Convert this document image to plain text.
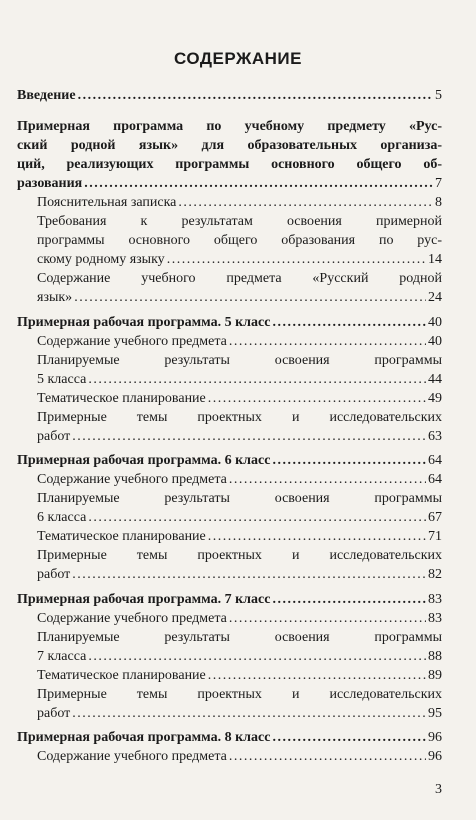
СОДЕРЖАНИЕ
Введение . . .	5
Примерная программа по учебному предмету «Рус-
ский родной язык» для образовательных организа-
ций, реализующих программы основного общего об-
разования . . .	7
Пояснительная записка . . .	8
Требования к результатам освоения примерной
программы основного общего образования по рус-
скому родному языку . . .	14
Содержание учебного предмета «Русский родной
язык» . . .	24
Примерная рабочая программа. 5 класс . . .	40
Содержание учебного предмета . . .	40
Планируемые результаты освоения программы
5 класса . . .	44
Тематическое планирование . . .	49
Примерные темы проектных и исследовательских
работ . . .	63
Примерная рабочая программа. 6 класс . . .	64
Содержание учебного предмета . . .	64
Планируемые результаты освоения программы
6 класса . . .	67
Тематическое планирование . . .	71
Примерные темы проектных и исследовательских
работ . . .	82
Примерная рабочая программа. 7 класс . . .	83
Содержание учебного предмета . . .	83
Планируемые результаты освоения программы
7 класса . . .	88
Тематическое планирование . . .	89
Примерные темы проектных и исследовательских
работ . . .	95
Примерная рабочая программа. 8 класс . . .	96
Содержание учебного предмета . . .	96
3
